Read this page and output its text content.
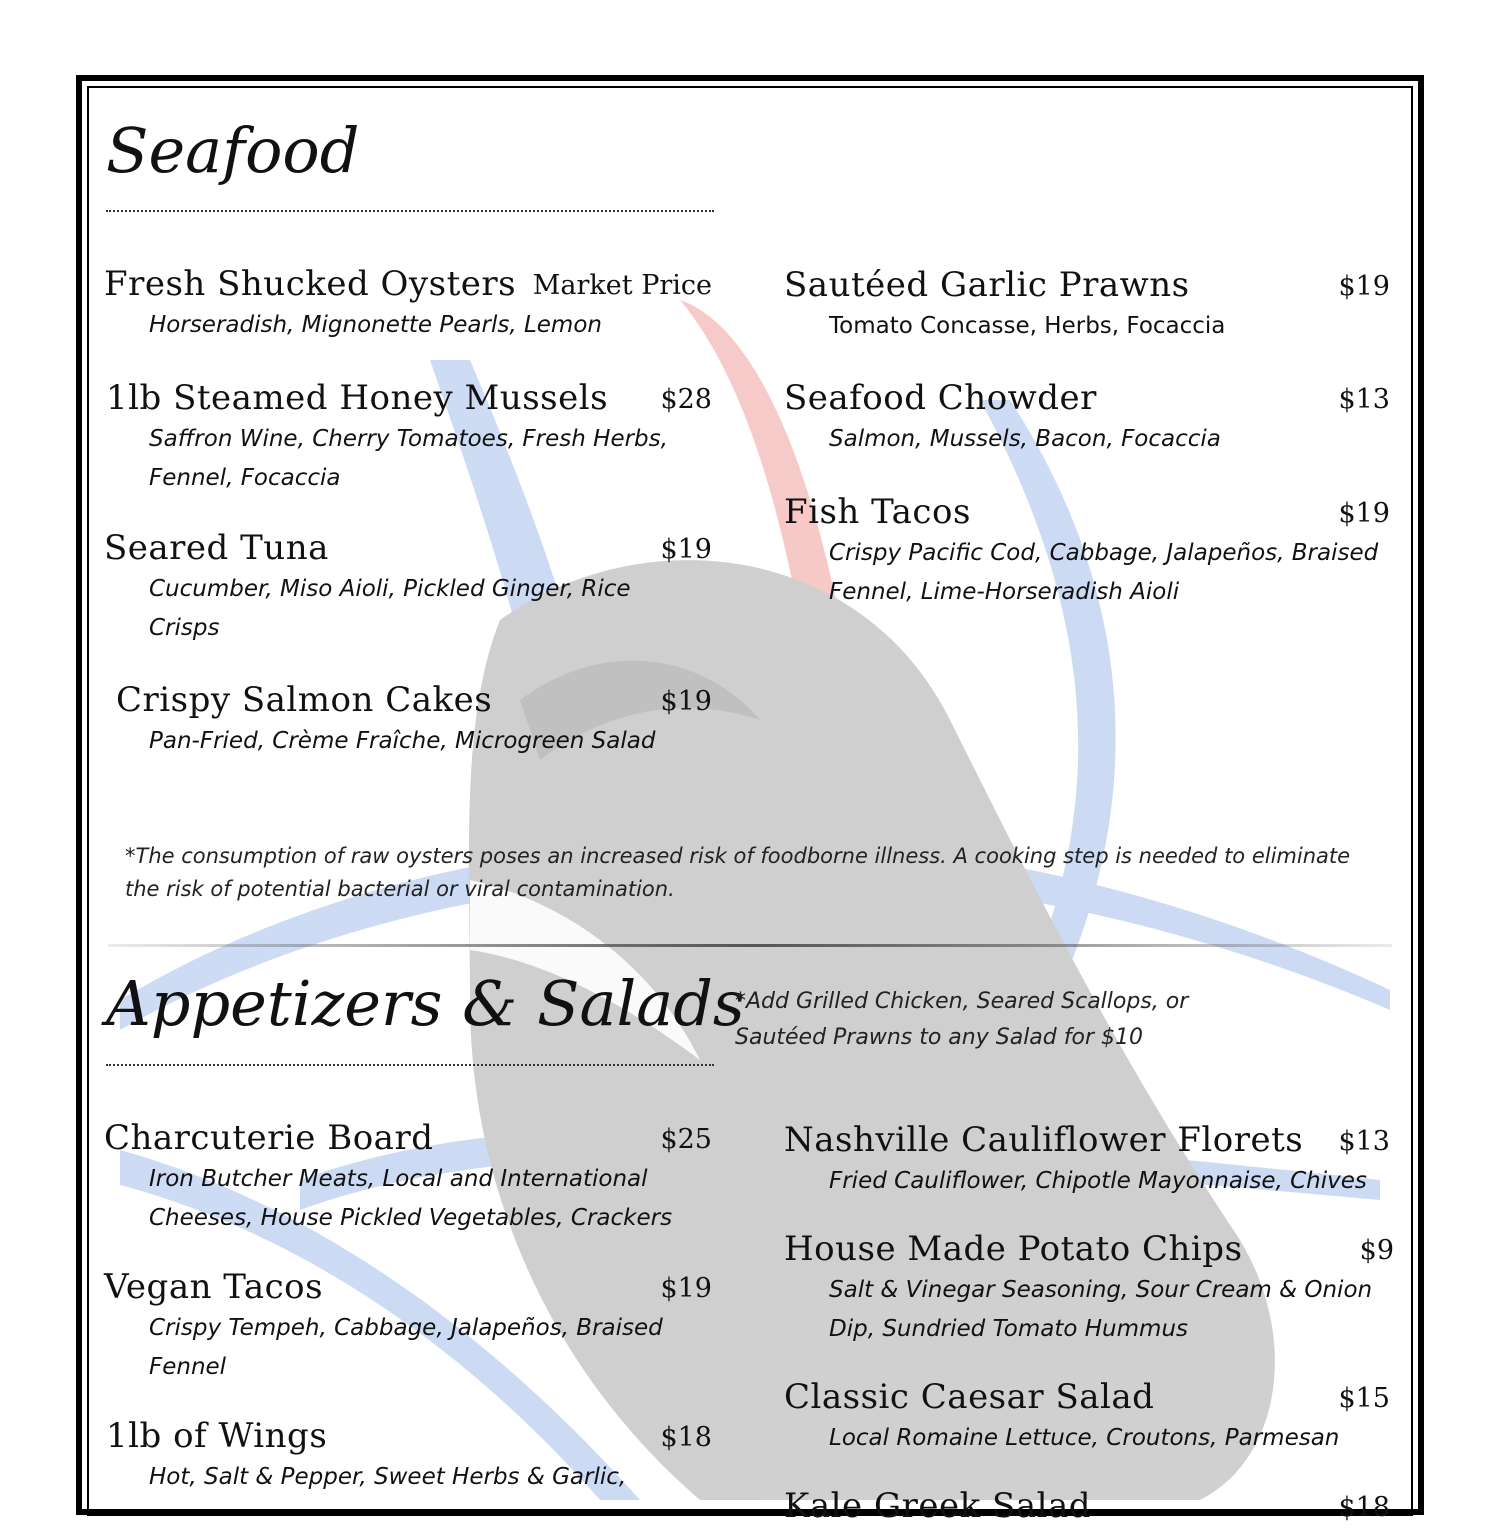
Seafood
Fresh Shucked Oysters Market Price
Horseradish, Mignonette Pearls, Lemon
1lb Steamed Honey Mussels $28
Saffron Wine, Cherry Tomatoes, Fresh Herbs, Fennel, Focaccia
Seared Tuna	$19
Cucumber, Miso Aioli, Pickled Ginger, Rice Crisps
Crispy Salmon Cakes	$19
Pan-Fried, Crème Fraîche, Microgreen Salad
Sautéed Garlic Prawns	$19
Tomato Concasse, Herbs, Focaccia
Seafood Chowder	$13
Salmon, Mussels, Bacon, Focaccia
Fish Tacos	$19
Crispy Pacific Cod, Cabbage, Jalapeños, Braised Fennel, Lime-Horseradish Aioli
*The consumption of raw oysters poses an increased risk of foodborne illness. A cooking step is needed to eliminate the risk of potential bacterial or viral contamination.
Appetizers & Salads
*Add Grilled Chicken, Seared Scallops, or Sautéed Prawns to any Salad for $10
Charcuterie Board	$25
Iron Butcher Meats, Local and International Cheeses, House Pickled Vegetables, Crackers
Vegan Tacos	$19
Crispy Tempeh, Cabbage, Jalapeños, Braised Fennel
1lb of Wings	$18
Hot, Salt & Pepper, Sweet Herbs & Garlic,
Nashville Cauliflower Florets $13
Fried Cauliflower, Chipotle Mayonnaise, Chives
House Made Potato Chips	$9
Salt & Vinegar Seasoning, Sour Cream & Onion Dip, Sundried Tomato Hummus
Classic Caesar Salad	$15
Local Romaine Lettuce, Croutons, Parmesan
Kale Greek Salad	$18
